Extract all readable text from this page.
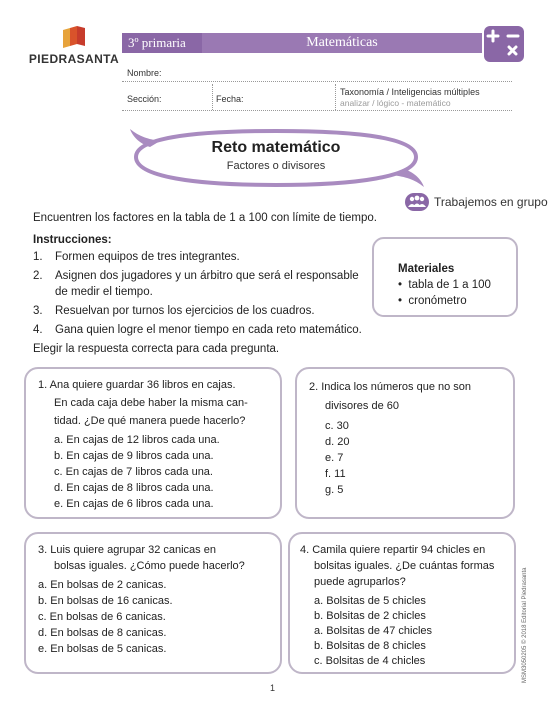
PIEDRASANTA
3º primaria	Matemáticas
Nombre:
Sección:	Fecha:
Taxonomía / Inteligencias múltiples
analizar / lógico - matemático
Reto matemático
Factores o divisores
Trabajemos en grupo
Encuentren los factores en la tabla de 1 a 100 con límite de tiempo.
Instrucciones:
1. Formen equipos de tres integrantes.
2. Asignen dos jugadores y un árbitro que será el responsable de medir el tiempo.
3. Resuelvan por turnos los ejercicios de los cuadros.
4. Gana quien logre el menor tiempo en cada reto matemático.
Elegir la respuesta correcta para cada pregunta.
Materiales
•  tabla de 1 a 100
•  cronómetro
1. Ana quiere guardar 36 libros en cajas.
En cada caja debe haber la misma can-
tidad. ¿De qué manera puede hacerlo?
a. En cajas de 12 libros cada una.
b. En cajas de 9 libros cada una.
c. En cajas de 7 libros cada una.
d. En cajas de 8 libros cada una.
e. En cajas de 6 libros cada una.
2. Indica los números que no son
divisores de 60
c. 30
d. 20
e. 7
f. 11
g. 5
3. Luis quiere agrupar 32 canicas en
bolsas iguales. ¿Cómo puede hacerlo?
a. En bolsas de 2 canicas.
b. En bolsas de 16 canicas.
c. En bolsas de 6 canicas.
d. En bolsas de 8 canicas.
e. En bolsas de 5 canicas.
4. Camila quiere repartir 94 chicles en
bolsitas iguales. ¿De cuántas formas
puede agruparlos?
a. Bolsitas de 5 chicles
b. Bolsitas de 2 chicles
a. Bolsitas de 47 chicles
b. Bolsitas de 8 chicles
c. Bolsitas de 4 chicles	MSM3050205 © 2018 Editorial Piedrasanta
1
